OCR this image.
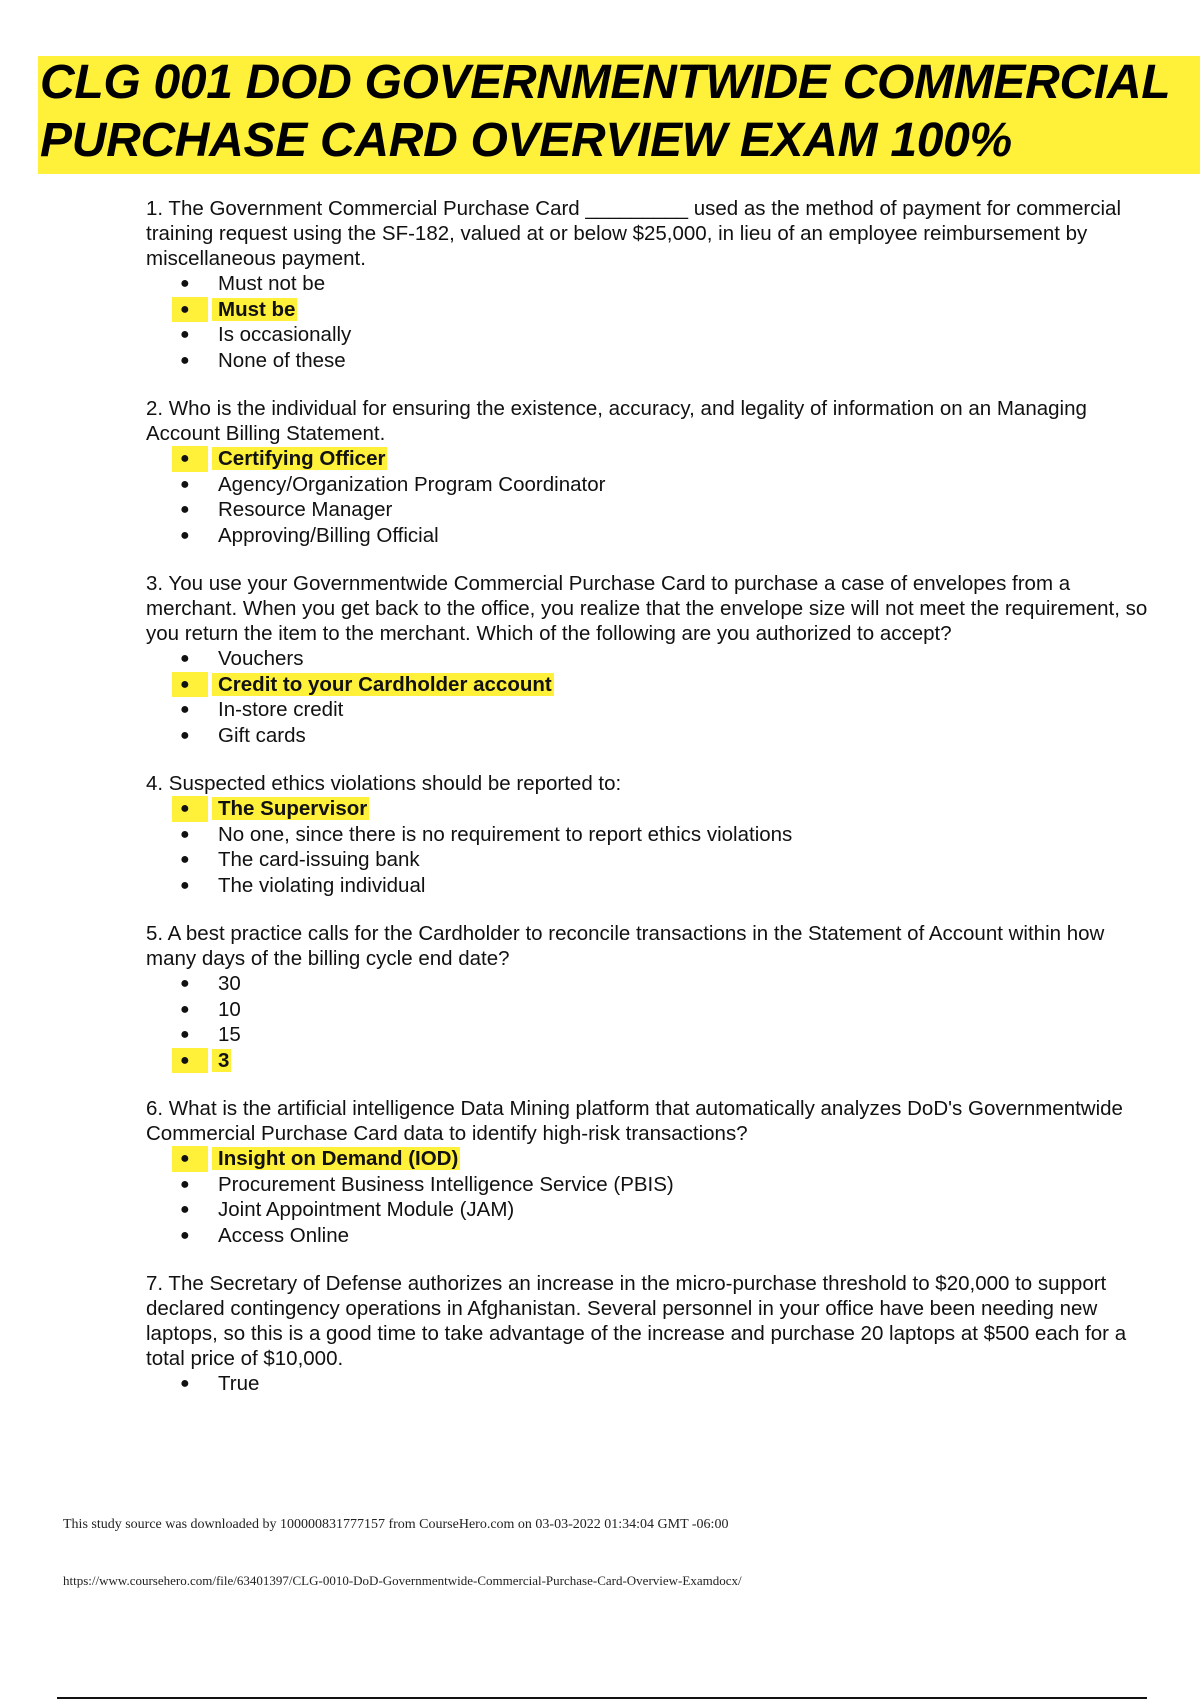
CLG 001 DOD GOVERNMENTWIDE COMMERCIAL
PURCHASE CARD OVERVIEW EXAM 100%

1. The Government Commercial Purchase Card _________ used as the method of payment for commercial training request using the SF-182, valued at or below $25,000, in lieu of an employee reimbursement by miscellaneous payment.

● Must not be
●	Must be
● Is occasionally
● None of these

2. Who is the individual for ensuring the existence, accuracy, and legality of information on an Managing Account Billing Statement.

●	Certifying Officer
● Agency/Organization Program Coordinator
● Resource Manager
● Approving/Billing Official

3. You use your Governmentwide Commercial Purchase Card to purchase a case of envelopes from a merchant. When you get back to the office, you realize that the envelope size will not meet the requirement, so you return the item to the merchant. Which of the following are you authorized to accept?

● Vouchers
●	Credit to your Cardholder account
● In-store credit
● Gift cards

4. Suspected ethics violations should be reported to:

●	The Supervisor
● No one, since there is no requirement to report ethics violations
● The card-issuing bank
● The violating individual

5. A best practice calls for the Cardholder to reconcile transactions in the Statement of Account within how many days of the billing cycle end date?

● 30
● 10
● 15
●	3

6. What is the artificial intelligence Data Mining platform that automatically analyzes DoD's Governmentwide Commercial Purchase Card data to identify high-risk transactions?

●	Insight on Demand (IOD)
● Procurement Business Intelligence Service (PBIS)
● Joint Appointment Module (JAM)
● Access Online

7. The Secretary of Defense authorizes an increase in the micro-purchase threshold to $20,000 to support declared contingency operations in Afghanistan. Several personnel in your office have been needing new laptops, so this is a good time to take advantage of the increase and purchase 20 laptops at $500 each for a total price of $10,000.

● True
This study source was downloaded by 100000831777157 from CourseHero.com on 03-03-2022 01:34:04 GMT -06:00
https://www.coursehero.com/file/63401397/CLG-0010-DoD-Governmentwide-Commercial-Purchase-Card-Overview-Examdocx/
